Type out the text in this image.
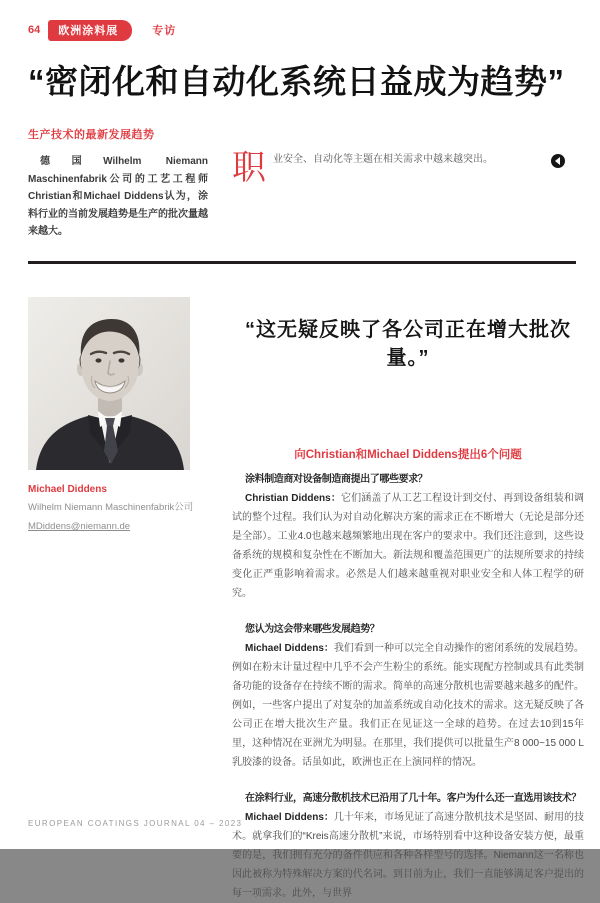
64	欧洲涂料展	专访
“密闭化和自动化系统日益成为趋势”
生产技术的最新发展趋势

德国Wilhelm Niemann Maschinenfabrik公司的工艺工程师Christian和Michael Diddens认为，涂料行业的当前发展趋势是生产的批次量越来越大。

职业安全、自动化等主题在相关需求中越来越突出。

Michael Diddens

Wilhelm Niemann Maschinenfabrik公司

MDiddens@niemann.de
“这无疑反映了各公司正在增大批次量。”
向Christian和Michael Diddens提出6个问题

涂料制造商对设备制造商提出了哪些要求？

Christian Diddens：它们涵盖了从工艺工程设计到交付、再到设备组装和调试的整个过程。我们认为对自动化解决方案的需求正在不断增大（无论是部分还是全部）。工业4.0也越来越频繁地出现在客户的要求中。我们还注意到，这些设备系统的规模和复杂性在不断加大。新法规和覆盖范围更广的法规所要求的持续变化正严重影响着需求。必然是人们越来越重视对职业安全和人体工程学的研究。

您认为这会带来哪些发展趋势？

Michael Diddens：我们看到一种可以完全自动操作的密闭系统的发展趋势。例如在粉末计量过程中几乎不会产生粉尘的系统。能实现配方控制或具有此类制备功能的设备存在持续不断的需求。简单的高速分散机也需要越来越多的配件。例如，一些客户提出了对复杂的加盖系统或自动化技术的需求。这无疑反映了各公司正在增大批次生产量。我们正在见证这一全球的趋势。在过去10到15年里，这种情况在亚洲尤为明显。在那里，我们提供可以批量生产8 000~15 000 L乳胶漆的设备。话虽如此，欧洲也正在上演同样的情况。

在涂料行业，高速分散机技术已沿用了几十年。客户为什么还一直选用该技术？

Michael Diddens：几十年来，市场见证了高速分散机技术是坚固、耐用的技术。就拿我们的“Kreis高速分散机”来说，市场特别看中这种设备安装方便，最重要的是，我们拥有充分的备件供应和各种各样型号的选择。Niemann这一名称也因此被称为特殊解决方案的代名词。到目前为止，我们一直能够满足客户提出的每一项需求。此外，与世界

EUROPEAN COATINGS JOURNAL 04 – 2023
